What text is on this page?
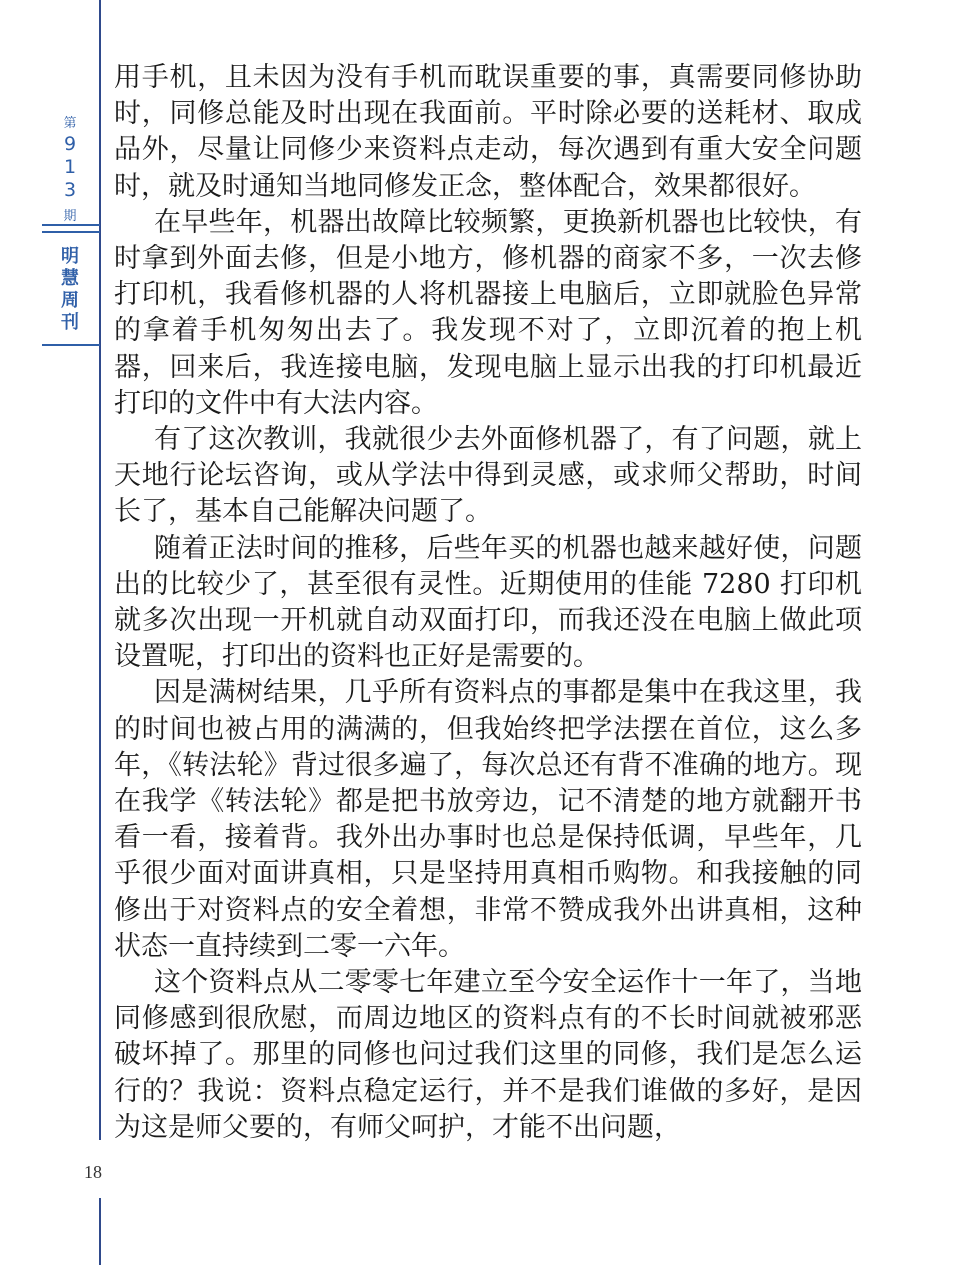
第
9
1
3
期
明
慧
周
刊
18

用手机，且未因为没有手机而耽误重要的事，真需要同修协助时，同修总能及时出现在我面前。平时除必要的送耗材、取成品外，尽量让同修少来资料点走动，每次遇到有重大安全问题时，就及时通知当地同修发正念，整体配合，效果都很好。

在早些年，机器出故障比较频繁，更换新机器也比较快，有时拿到外面去修，但是小地方，修机器的商家不多，一次去修打印机，我看修机器的人将机器接上电脑后，立即就脸色异常的拿着手机匆匆出去了。我发现不对了，立即沉着的抱上机器，回来后，我连接电脑，发现电脑上显示出我的打印机最近打印的文件中有大法内容。

有了这次教训，我就很少去外面修机器了，有了问题，就上天地行论坛咨询，或从学法中得到灵感，或求师父帮助，时间长了，基本自己能解决问题了。

随着正法时间的推移，后些年买的机器也越来越好使，问题出的比较少了，甚至很有灵性。近期使用的佳能 7280 打印机就多次出现一开机就自动双面打印，而我还没在电脑上做此项设置呢，打印出的资料也正好是需要的。

因是满树结果，几乎所有资料点的事都是集中在我这里，我的时间也被占用的满满的，但我始终把学法摆在首位，这么多年，《转法轮》背过很多遍了，每次总还有背不准确的地方。现在我学《转法轮》都是把书放旁边，记不清楚的地方就翻开书看一看，接着背。我外出办事时也总是保持低调，早些年，几乎很少面对面讲真相，只是坚持用真相币购物。和我接触的同修出于对资料点的安全着想，非常不赞成我外出讲真相，这种状态一直持续到二零一六年。

这个资料点从二零零七年建立至今安全运作十一年了，当地同修感到很欣慰，而周边地区的资料点有的不长时间就被邪恶破坏掉了。那里的同修也问过我们这里的同修，我们是怎么运行的？我说：资料点稳定运行，并不是我们谁做的多好，是因为这是师父要的，有师父呵护，才能不出问题，
